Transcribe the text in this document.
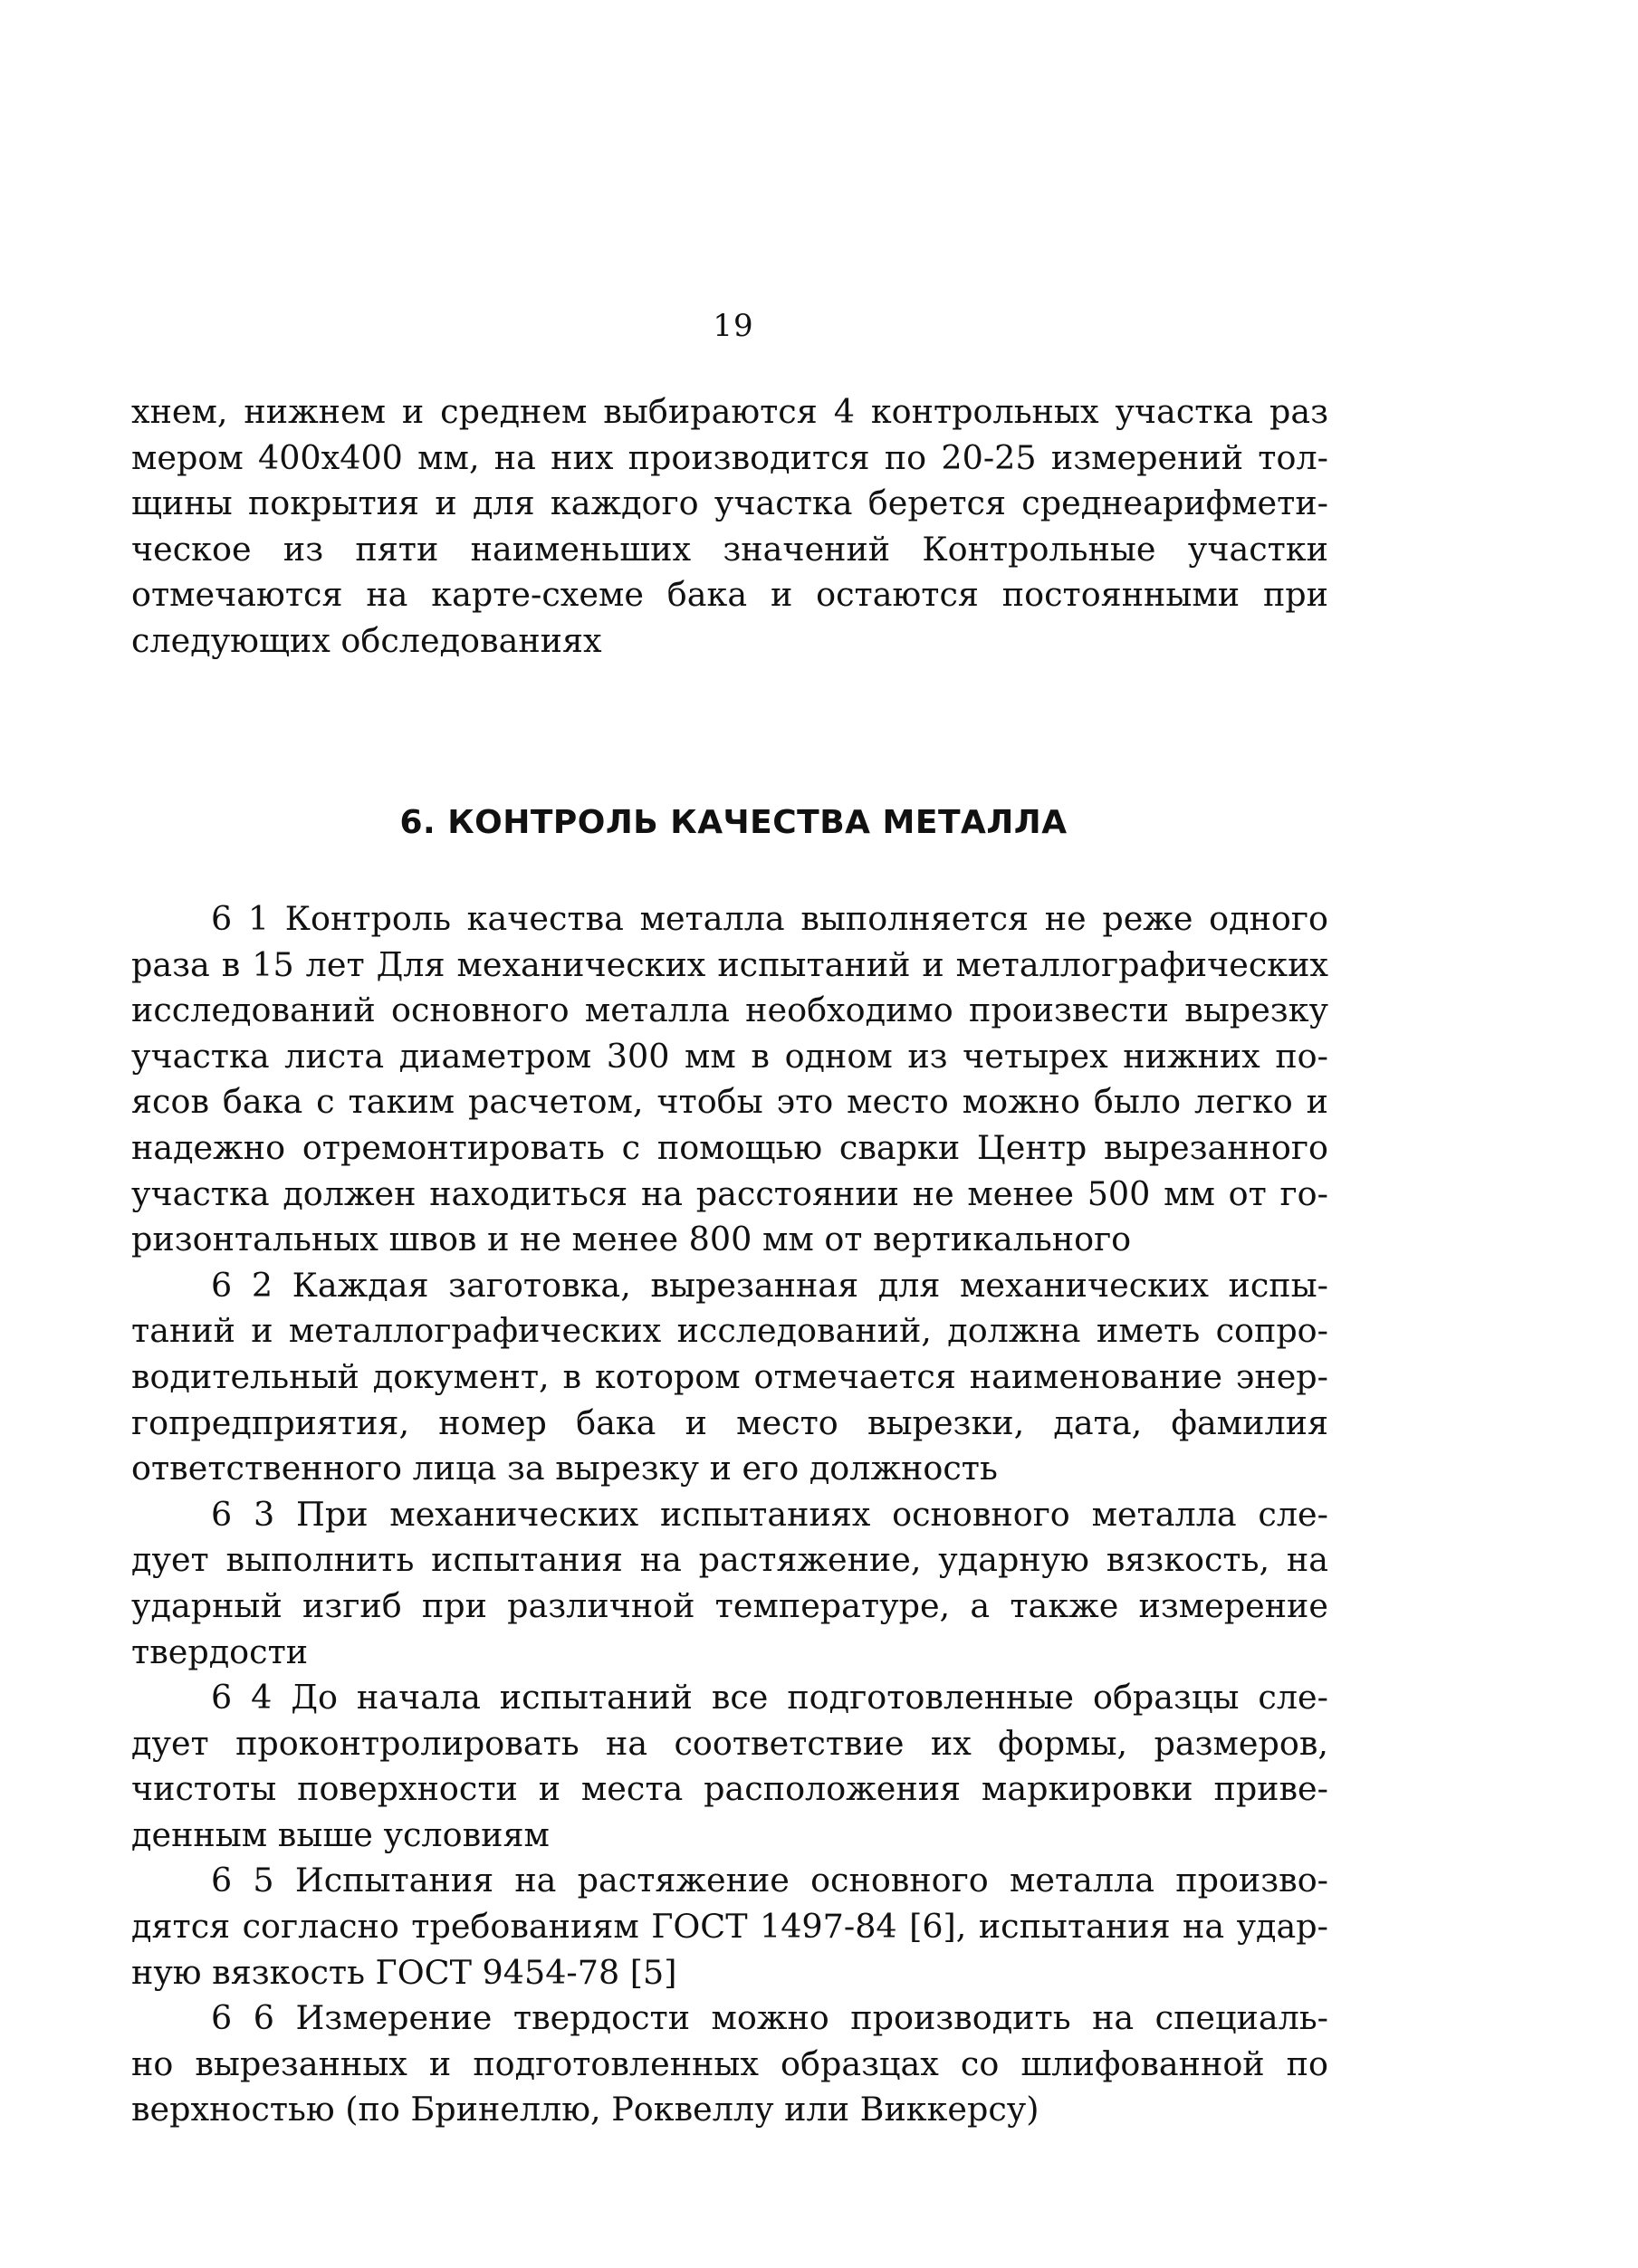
19
хнем, нижнем и среднем выбираются 4 контрольных участка раз
мером 400х400 мм, на них производится по 20-25 измерений тол-
щины покрытия и для каждого участка берется среднеарифмети-
ческое из пяти наименьших значений Контрольные участки
отмечаются на карте-схеме бака и остаются постоянными при
следующих обследованиях
6. КОНТРОЛЬ КАЧЕСТВА МЕТАЛЛА
6 1 Контроль качества металла выполняется не реже одного
раза в 15 лет Для механических испытаний и металлографических
исследований основного металла необходимо произвести вырезку
участка листа диаметром 300 мм в одном из четырех нижних по-
ясов бака с таким расчетом, чтобы это место можно было легко и
надежно отремонтировать с помощью сварки Центр вырезанного
участка должен находиться на расстоянии не менее 500 мм от го-
ризонтальных швов и не менее 800 мм от вертикального
6 2 Каждая заготовка, вырезанная для механических испы-
таний и металлографических исследований, должна иметь сопро-
водительный документ, в котором отмечается наименование энер-
гопредприятия, номер бака и место вырезки, дата, фамилия
ответственного лица за вырезку и его должность
6 3 При механических испытаниях основного металла сле-
дует выполнить испытания на растяжение, ударную вязкость, на
ударный изгиб при различной температуре, а также измерение
твердости
6 4 До начала испытаний все подготовленные образцы сле-
дует проконтролировать на соответствие их формы, размеров,
чистоты поверхности и места расположения маркировки приве-
денным выше условиям
6 5 Испытания на растяжение основного металла произво-
дятся согласно требованиям ГОСТ 1497-84 [6], испытания на удар-
ную вязкость ГОСТ 9454-78 [5]
6 6 Измерение твердости можно производить на специаль-
но вырезанных и подготовленных образцах со шлифованной по
верхностью (по Бринеллю, Роквеллу или Виккерсу)
